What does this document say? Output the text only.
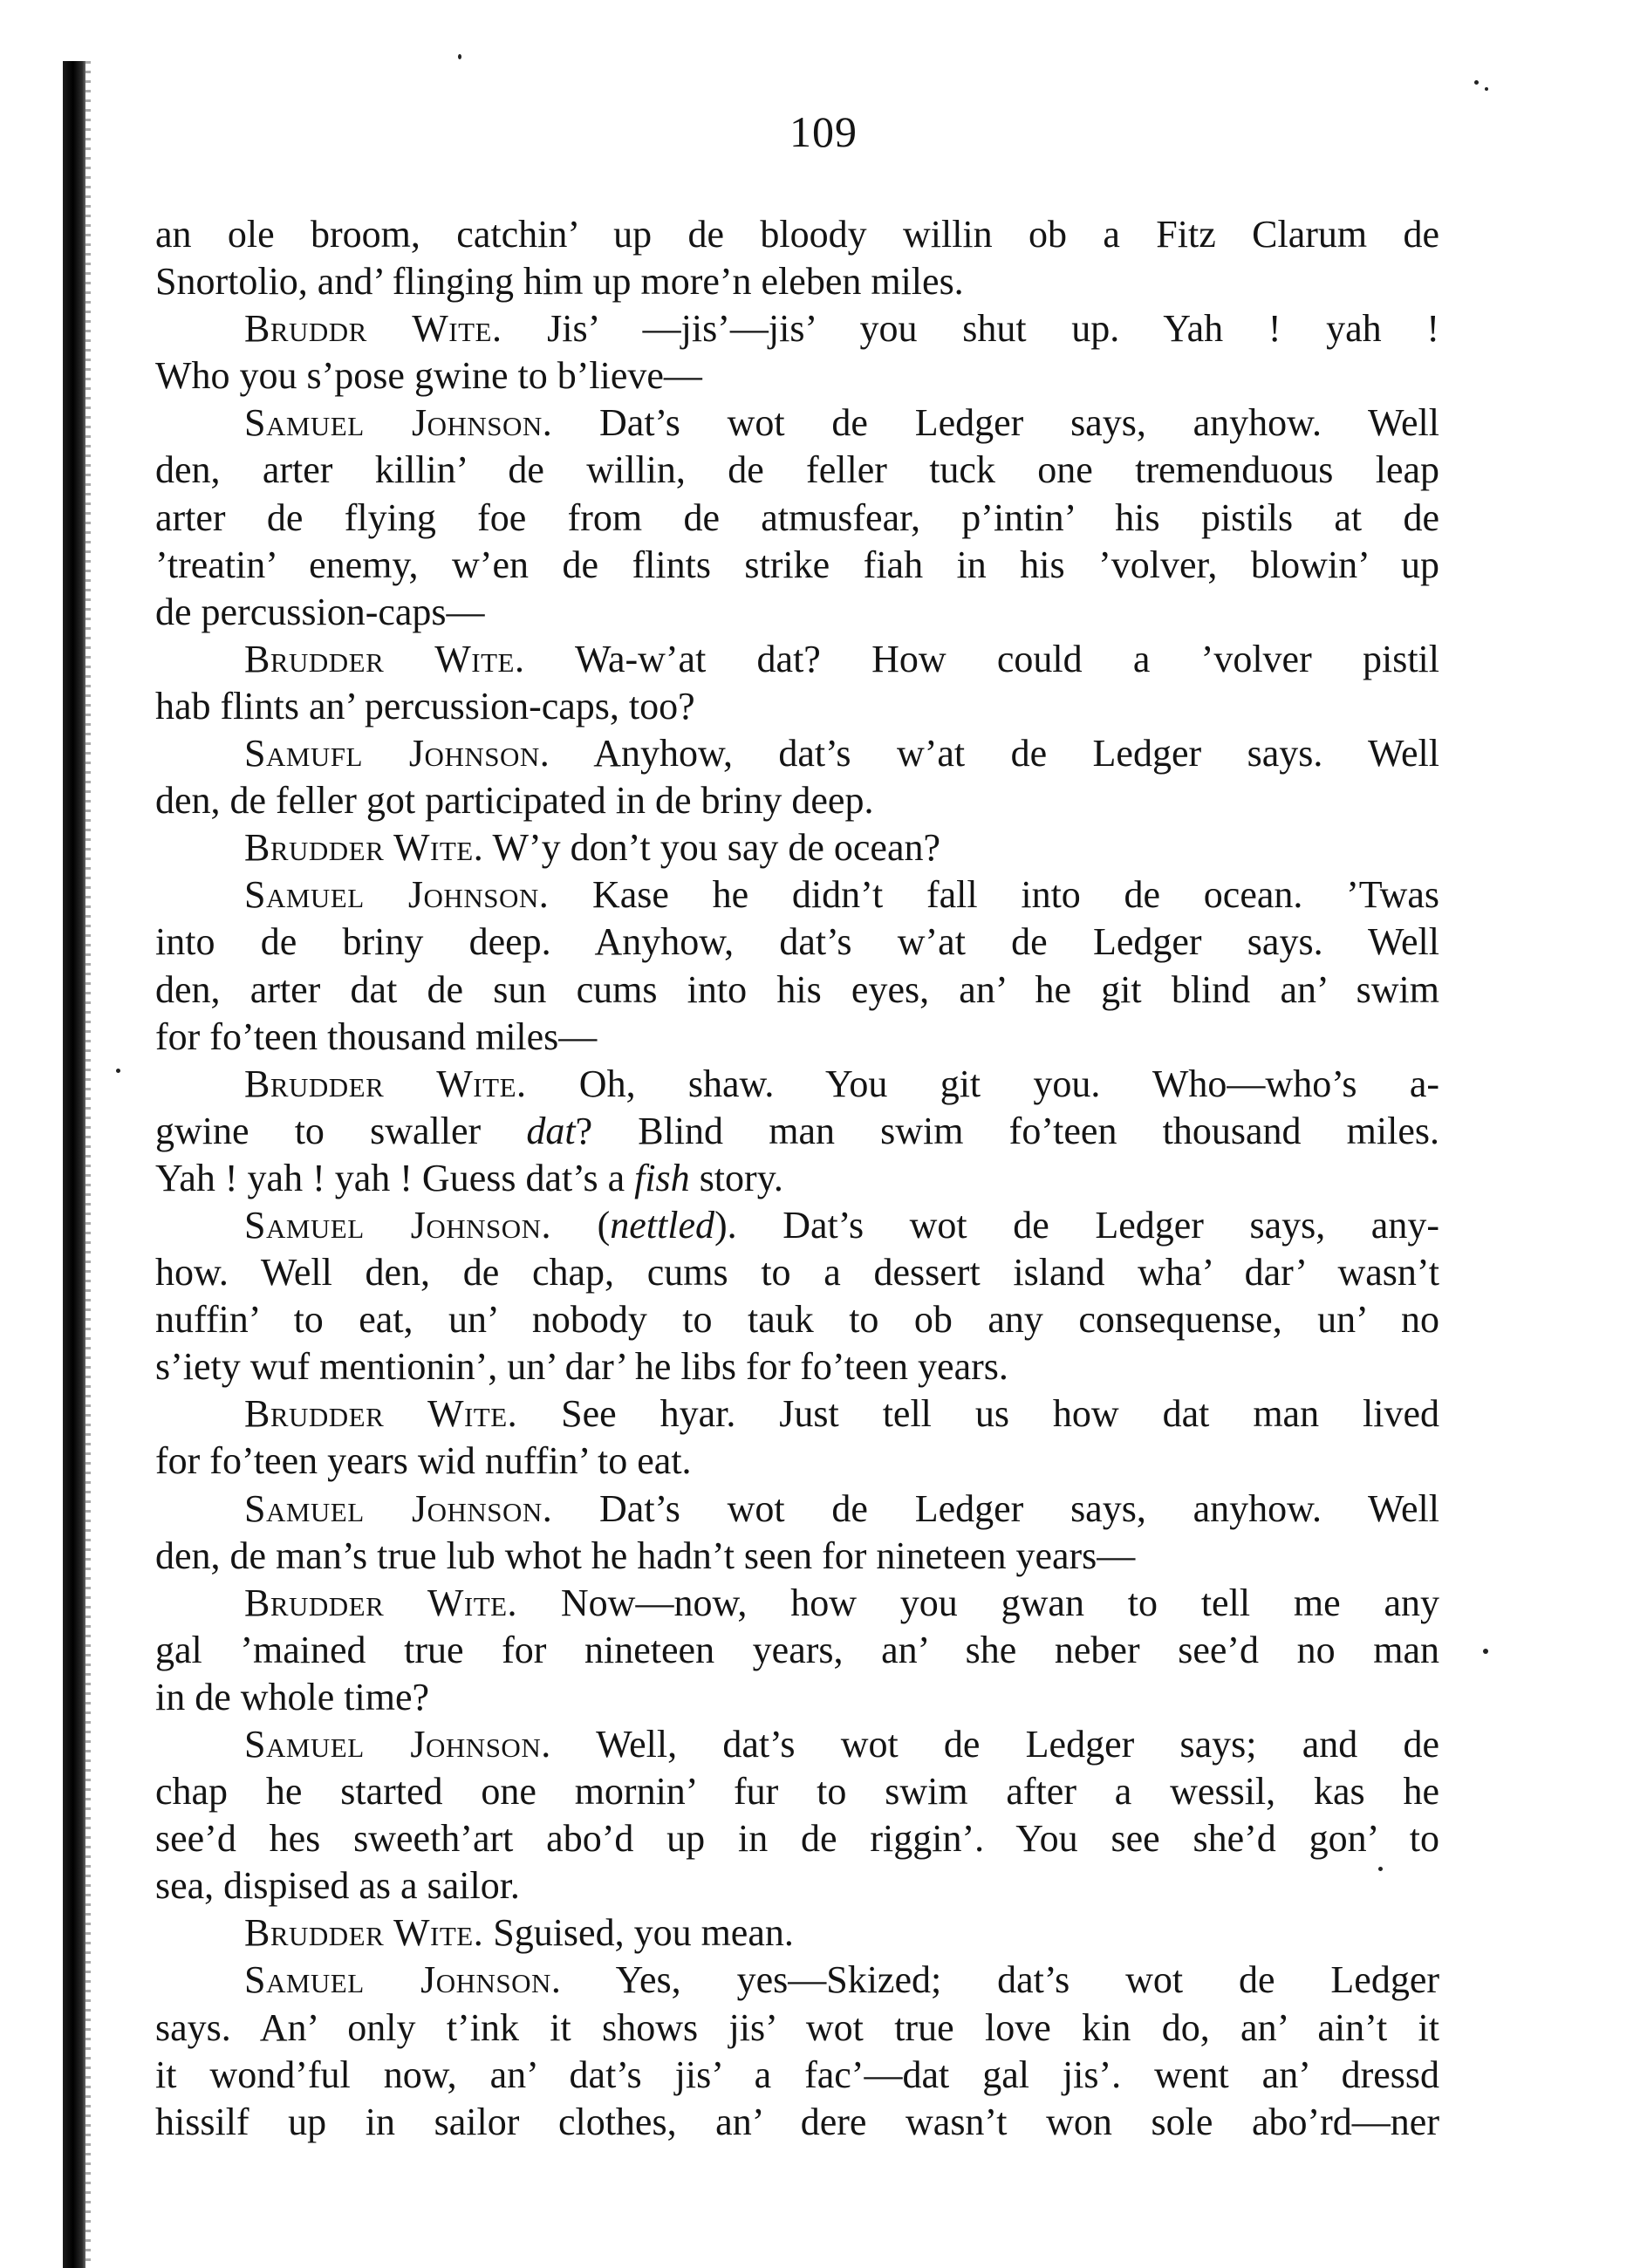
109
an ole broom, catchin’ up de bloody willin ob a Fitz Clarum de
Snortolio, and’ flinging him up more’n eleben miles.
Bruddr Wite. Jis’ —jis’—jis’ you shut up. Yah ! yah !
Who you s’pose gwine to b’lieve—
Samuel Johnson. Dat’s wot de Ledger says, anyhow. Well
den, arter killin’ de willin, de feller tuck one tremenduous leap
arter de flying foe from de atmusfear, p’intin’ his pistils at de
’treatin’ enemy, w’en de flints strike fiah in his ’volver, blowin’ up
de percussion-caps—
Brudder Wite. Wa-w’at dat? How could a ’volver pistil
hab flints an’ percussion-caps, too?
Samufl Johnson. Anyhow, dat’s w’at de Ledger says. Well
den, de feller got participated in de briny deep.
Brudder Wite. W’y don’t you say de ocean?
Samuel Johnson. Kase he didn’t fall into de ocean. ’Twas
into de briny deep. Anyhow, dat’s w’at de Ledger says. Well
den, arter dat de sun cums into his eyes, an’ he git blind an’ swim
for fo’teen thousand miles—
Brudder Wite. Oh, shaw. You git you. Who—who’s a-
gwine to swaller dat? Blind man swim fo’teen thousand miles.
Yah ! yah ! yah ! Guess dat’s a fish story.
Samuel Johnson. (nettled). Dat’s wot de Ledger says, any-
how. Well den, de chap, cums to a dessert island wha’ dar’ wasn’t
nuffin’ to eat, un’ nobody to tauk to ob any consequense, un’ no
s’iety wuf mentionin’, un’ dar’ he libs for fo’teen years.
Brudder Wite. See hyar. Just tell us how dat man lived
for fo’teen years wid nuffin’ to eat.
Samuel Johnson. Dat’s wot de Ledger says, anyhow. Well
den, de man’s true lub whot he hadn’t seen for nineteen years—
Brudder Wite. Now—now, how you gwan to tell me any
gal ’mained true for nineteen years, an’ she neber see’d no man
in de whole time?
Samuel Johnson. Well, dat’s wot de Ledger says; and de
chap he started one mornin’ fur to swim after a wessil, kas he
see’d hes sweeth’art abo’d up in de riggin’. You see she’d gon’ to
sea, dispised as a sailor.
Brudder Wite. Sguised, you mean.
Samuel Johnson. Yes, yes—Skized; dat’s wot de Ledger
says. An’ only t’ink it shows jis’ wot true love kin do, an’ ain’t it
it wond’ful now, an’ dat’s jis’ a fac’—dat gal jis’. went an’ dressd
hissilf up in sailor clothes, an’ dere wasn’t won sole abo’rd—ner
